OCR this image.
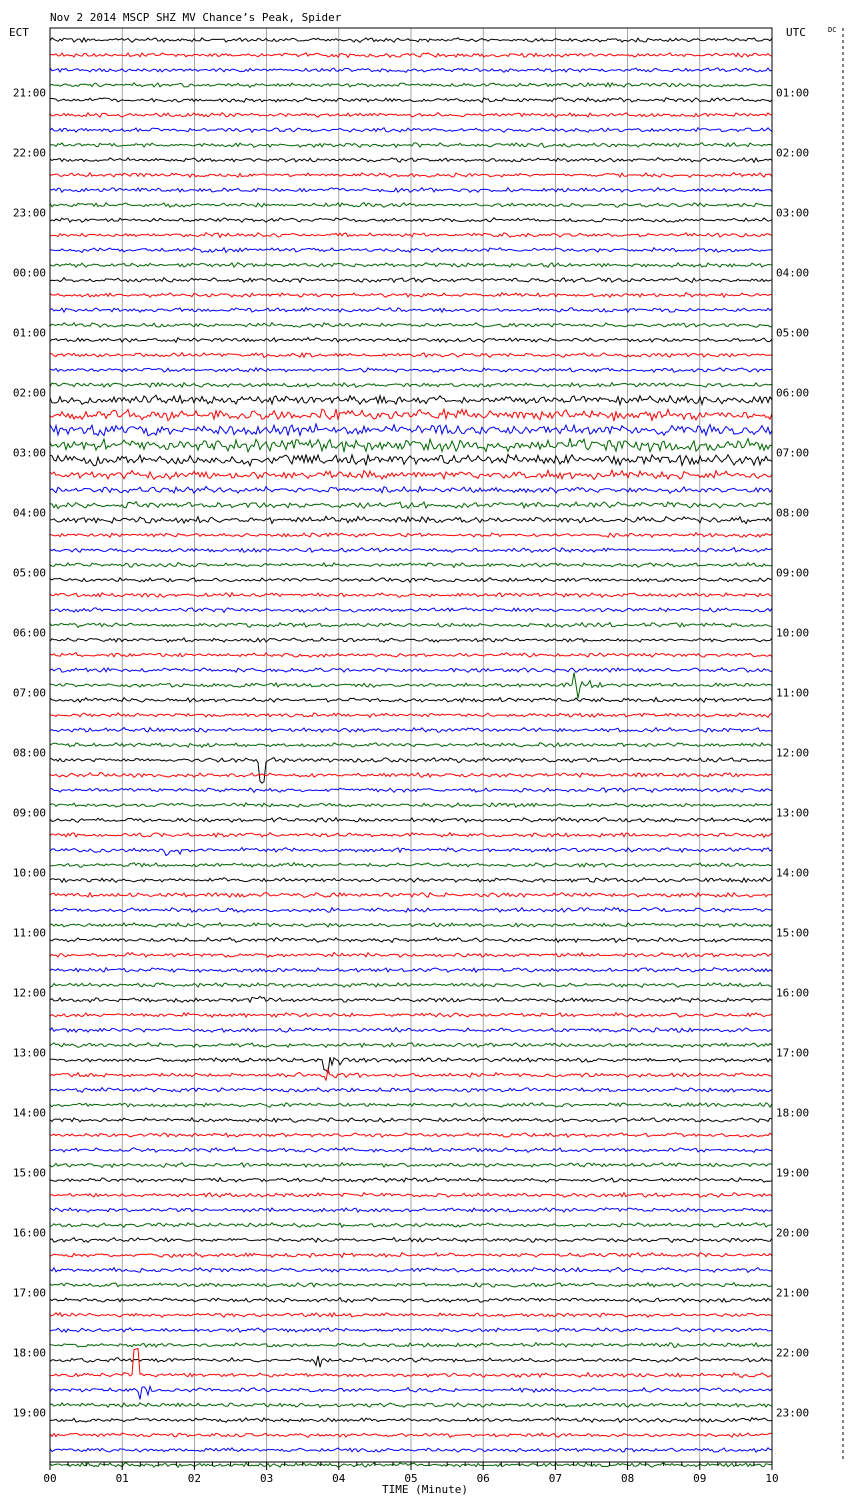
Nov 2 2014 MSCP SHZ MV Chance’s Peak, Spider
ECT	UTC	DC
21:00
22:00
23:00
00:00
01:00
02:00
03:00
04:00
05:00
06:00
07:00
08:00
09:00
10:00
11:00
12:00
13:00
14:00
15:00
16:00
17:00
18:00
19:00
01:00
02:00
03:00
04:00
05:00
06:00
07:00
08:00
09:00
10:00
11:00
12:00
13:00
14:00
15:00
16:00
17:00
18:00
19:00
20:00
21:00
22:00
23:00
00	01	02	03	04	05	06	07	08	09	10
TIME (Minute)
